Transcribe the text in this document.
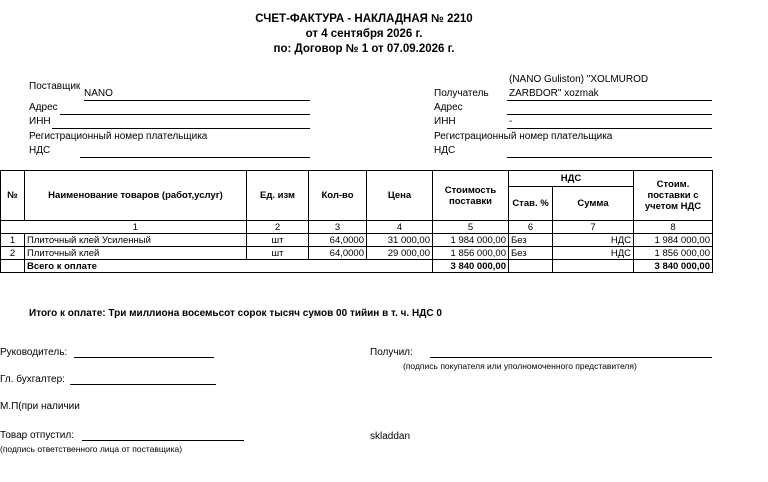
СЧЕТ-ФАКТУРА - НАКЛАДНАЯ № 2210
от 4 сентября 2026 г.
по: Договор № 1 от 07.09.2026 г.
Поставщик
NANO
Адрес
ИНН
Регистрационный номер плательщика
НДС
(NANO Guliston) "XOLMUROD
Получатель ZARBDOR" xozmak
Адрес
ИНН	-
Регистрационный номер плательщика
НДС
№	Наименование товаров (работ,услуг)	Ед. изм	Кол-во	Цена	Стоимость поставки	НДС		Стоим. поставки с учетом НДС
						Став. %	Сумма	
	1	2	3	4	5	6	7	8
1	Плиточный клей Усиленный	шт	64,0000	31 000,00	1 984 000,00	Без	НДС	1 984 000,00
2	Плиточный клей	шт	64,0000	29 000,00	1 856 000,00	Без	НДС	1 856 000,00
	Всего к оплате				3 840 000,00			3 840 000,00
Итого к оплате: Три миллиона восемьсот сорок тысяч сумов 00 тийин в т. ч. НДС 0
Руководитель:	Получил:
(подпись покупателя или уполномоченного представителя)
Гл. бухгалтер:
М.П(при наличии
Товар отпустил:
(подпись ответственного лица от поставщика)
skladdan
